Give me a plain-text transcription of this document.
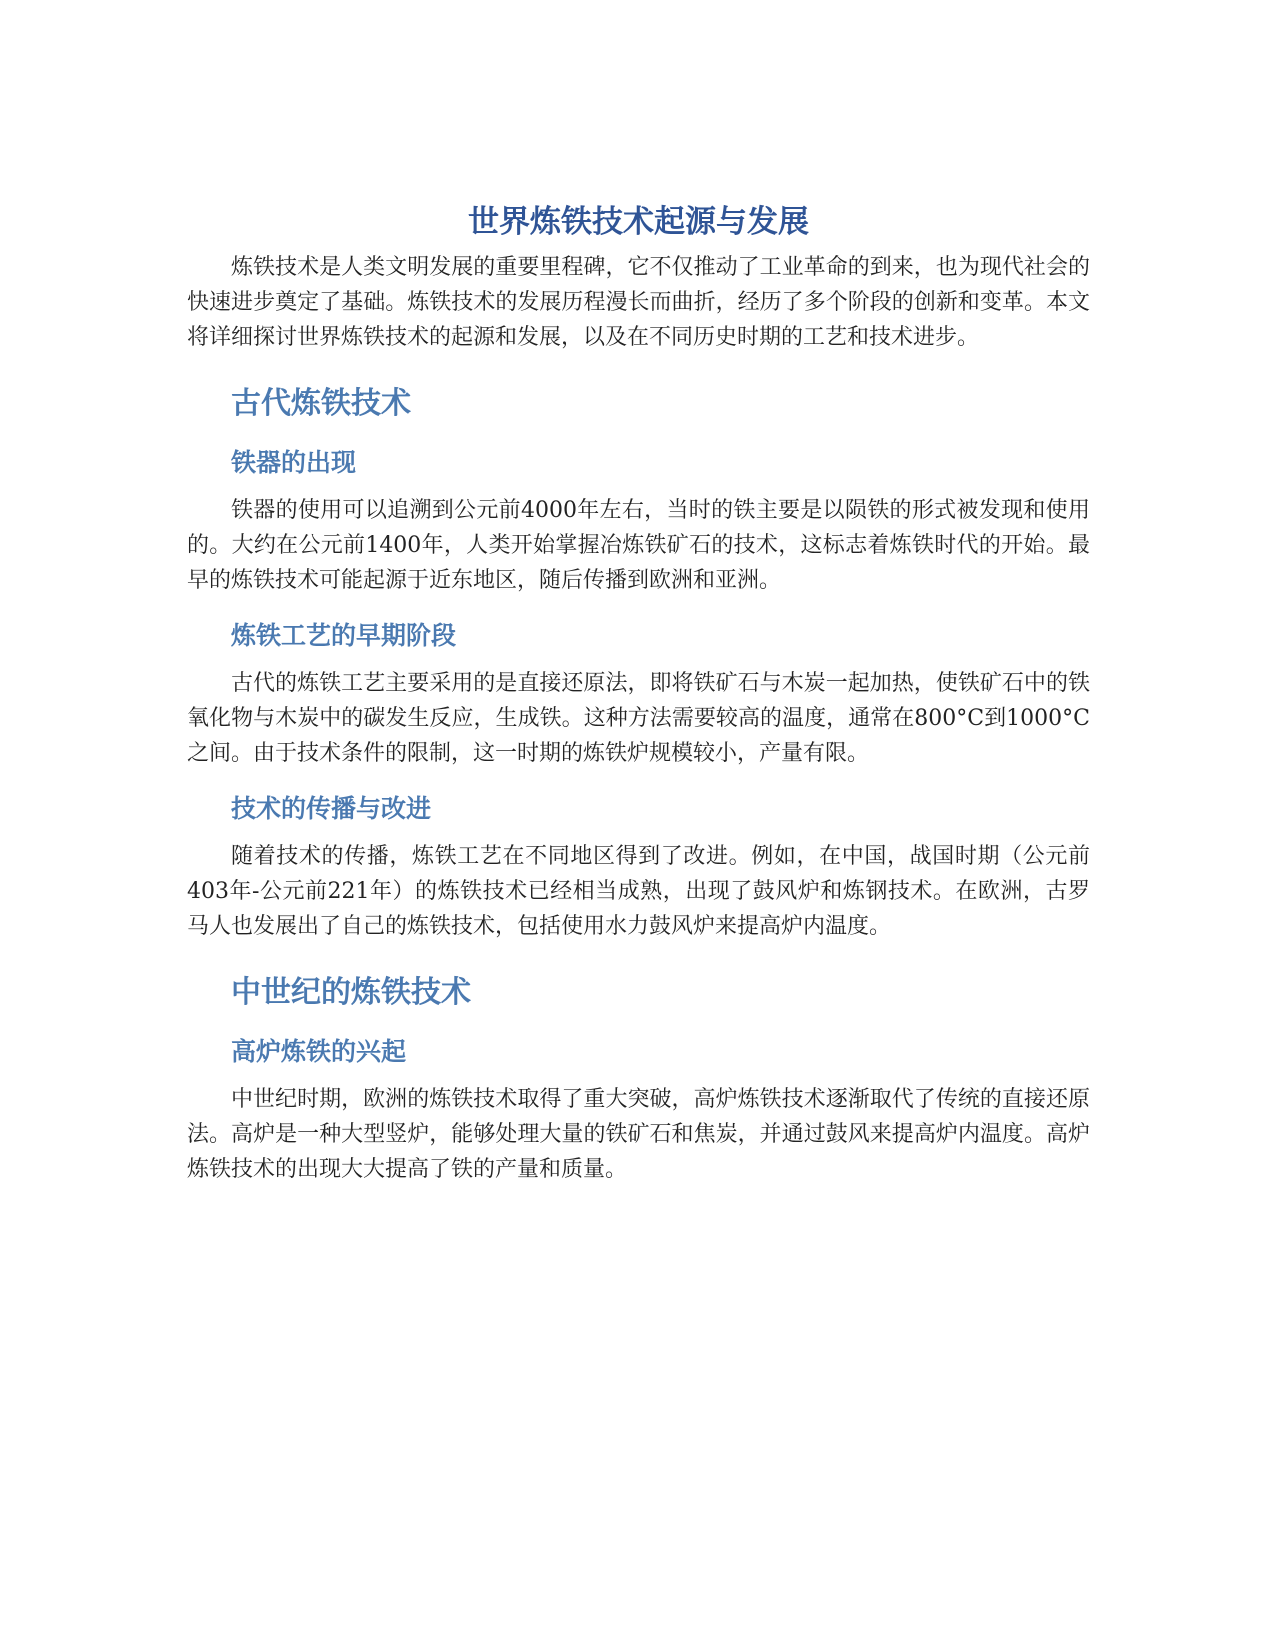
世界炼铁技术起源与发展

炼铁技术是人类文明发展的重要里程碑，它不仅推动了工业革命的到来，也为现代社会的快速进步奠定了基础。炼铁技术的发展历程漫长而曲折，经历了多个阶段的创新和变革。本文将详细探讨世界炼铁技术的起源和发展，以及在不同历史时期的工艺和技术进步。

古代炼铁技术
铁器的出现

铁器的使用可以追溯到公元前4000年左右，当时的铁主要是以陨铁的形式被发现和使用的。大约在公元前1400年，人类开始掌握冶炼铁矿石的技术，这标志着炼铁时代的开始。最早的炼铁技术可能起源于近东地区，随后传播到欧洲和亚洲。

炼铁工艺的早期阶段

古代的炼铁工艺主要采用的是直接还原法，即将铁矿石与木炭一起加热，使铁矿石中的铁氧化物与木炭中的碳发生反应，生成铁。这种方法需要较高的温度，通常在800°C到1000°C之间。由于技术条件的限制，这一时期的炼铁炉规模较小，产量有限。

技术的传播与改进

随着技术的传播，炼铁工艺在不同地区得到了改进。例如，在中国，战国时期（公元前403年-公元前221年）的炼铁技术已经相当成熟，出现了鼓风炉和炼钢技术。在欧洲，古罗马人也发展出了自己的炼铁技术，包括使用水力鼓风炉来提高炉内温度。

中世纪的炼铁技术
高炉炼铁的兴起

中世纪时期，欧洲的炼铁技术取得了重大突破，高炉炼铁技术逐渐取代了传统的直接还原法。高炉是一种大型竖炉，能够处理大量的铁矿石和焦炭，并通过鼓风来提高炉内温度。高炉炼铁技术的出现大大提高了铁的产量和质量。
